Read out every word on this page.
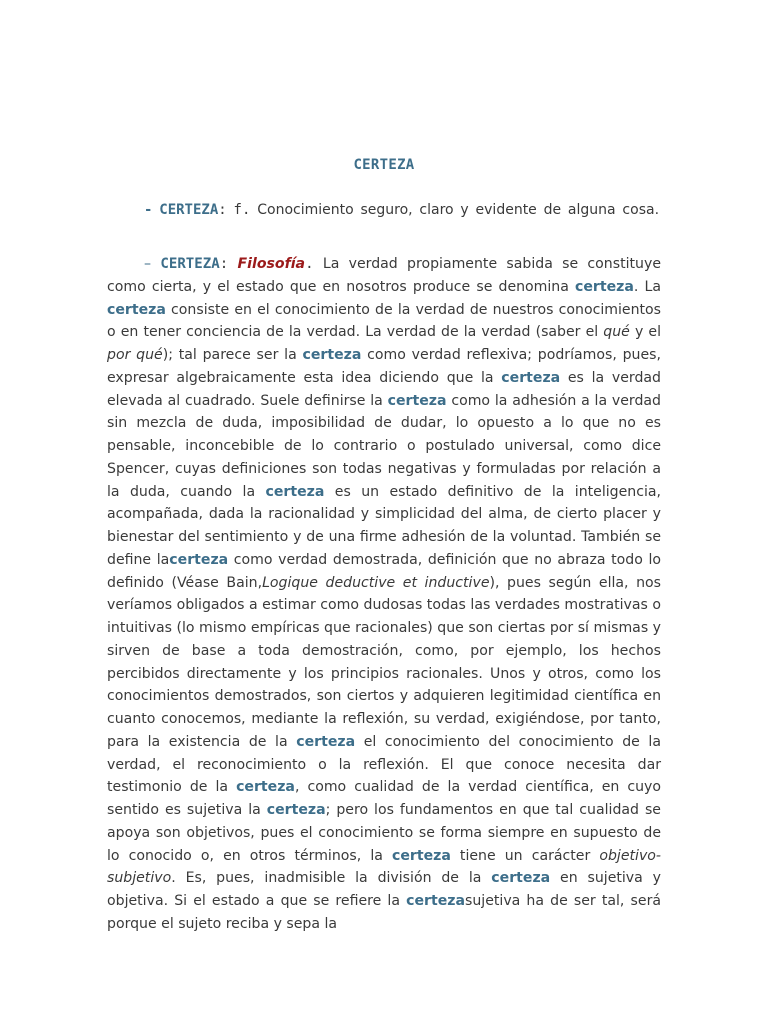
CERTEZA
- CERTEZA: f. Conocimiento seguro, claro y evidente de alguna cosa.
– CERTEZA: Filosofía. La verdad propiamente sabida se constituye como cierta, y el estado que en nosotros produce se denomina certeza. La certeza consiste en el conocimiento de la verdad de nuestros conocimientos o en tener conciencia de la verdad. La verdad de la verdad (saber el qué y el por qué); tal parece ser la certeza como verdad reflexiva; podríamos, pues, expresar algebraicamente esta idea diciendo que la certeza es la verdad elevada al cuadrado. Suele definirse la certeza como la adhesión a la verdad sin mezcla de duda, imposibilidad de dudar, lo opuesto a lo que no es pensable, inconcebible de lo contrario o postulado universal, como dice Spencer, cuyas definiciones son todas negativas y formuladas por relación a la duda, cuando la certeza es un estado definitivo de la inteligencia, acompañada, dada la racionalidad y simplicidad del alma, de cierto placer y bienestar del sentimiento y de una firme adhesión de la voluntad. También se define lacerteza como verdad demostrada, definición que no abraza todo lo definido (Véase Bain,Logique deductive et inductive), pues según ella, nos veríamos obligados a estimar como dudosas todas las verdades mostrativas o intuitivas (lo mismo empíricas que racionales) que son ciertas por sí mismas y sirven de base a toda demostración, como, por ejemplo, los hechos percibidos directamente y los principios racionales. Unos y otros, como los conocimientos demostrados, son ciertos y adquieren legitimidad científica en cuanto conocemos, mediante la reflexión, su verdad, exigiéndose, por tanto, para la existencia de la certeza el conocimiento del conocimiento de la verdad, el reconocimiento o la reflexión. El que conoce necesita dar testimonio de la certeza, como cualidad de la verdad científica, en cuyo sentido es sujetiva la certeza; pero los fundamentos en que tal cualidad se apoya son objetivos, pues el conocimiento se forma siempre en supuesto de lo conocido o, en otros términos, la certeza tiene un carácter objetivo-subjetivo. Es, pues, inadmisible la división de la certeza en sujetiva y objetiva. Si el estado a que se refiere la certezasujetiva ha de ser tal, será porque el sujeto reciba y sepa la
